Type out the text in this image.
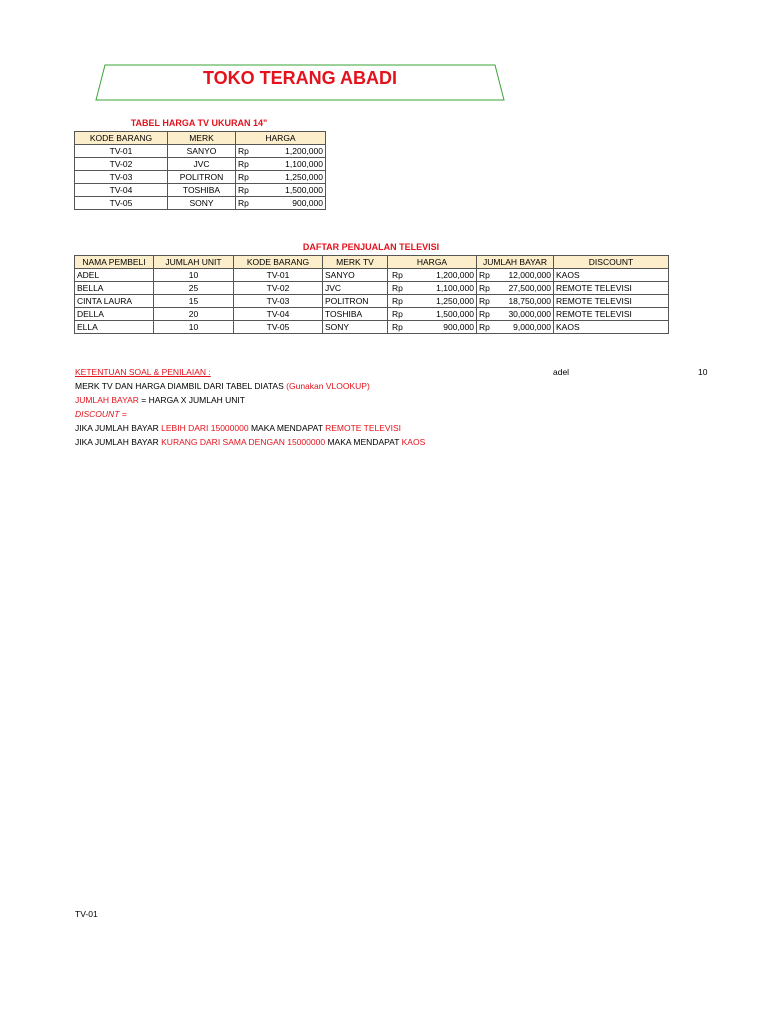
TOKO TERANG ABADI
TABEL HARGA TV UKURAN 14"
KODE BARANG	MERK	HARGA
TV-01	SANYO	Rp 1,200,000

TV-02	JVC	Rp 1,100,000

TV-03	POLITRON	Rp 1,250,000

TV-04	TOSHIBA	Rp 1,500,000

TV-05	SONY	Rp 900,000
DAFTAR PENJUALAN TELEVISI
NAMA PEMBELI	JUMLAH UNIT	KODE BARANG	MERK TV	HARGA	JUMLAH BAYAR	DISCOUNT
ADEL	10	TV-01	SANYO	Rp 1,200,000	Rp 12,000,000	KAOS
BELLA	25	TV-02	JVC	Rp 1,100,000	Rp 27,500,000	REMOTE TELEVISI
CINTA LAURA	15	TV-03	POLITRON	Rp 1,250,000	Rp 18,750,000	REMOTE TELEVISI
DELLA	20	TV-04	TOSHIBA	Rp 1,500,000	Rp 30,000,000	REMOTE TELEVISI
ELLA	10	TV-05	SONY	Rp 900,000	Rp 9,000,000	KAOS
KETENTUAN SOAL & PENILAIAN :	adel	10
MERK TV DAN HARGA DIAMBIL DARI TABEL DIATAS (Gunakan VLOOKUP)
JUMLAH BAYAR = HARGA X JUMLAH UNIT
DISCOUNT =
JIKA JUMLAH BAYAR LEBIH DARI 15000000 MAKA MENDAPAT REMOTE TELEVISI
JIKA JUMLAH BAYAR KURANG DARI SAMA DENGAN 15000000 MAKA MENDAPAT KAOS
TV-01
